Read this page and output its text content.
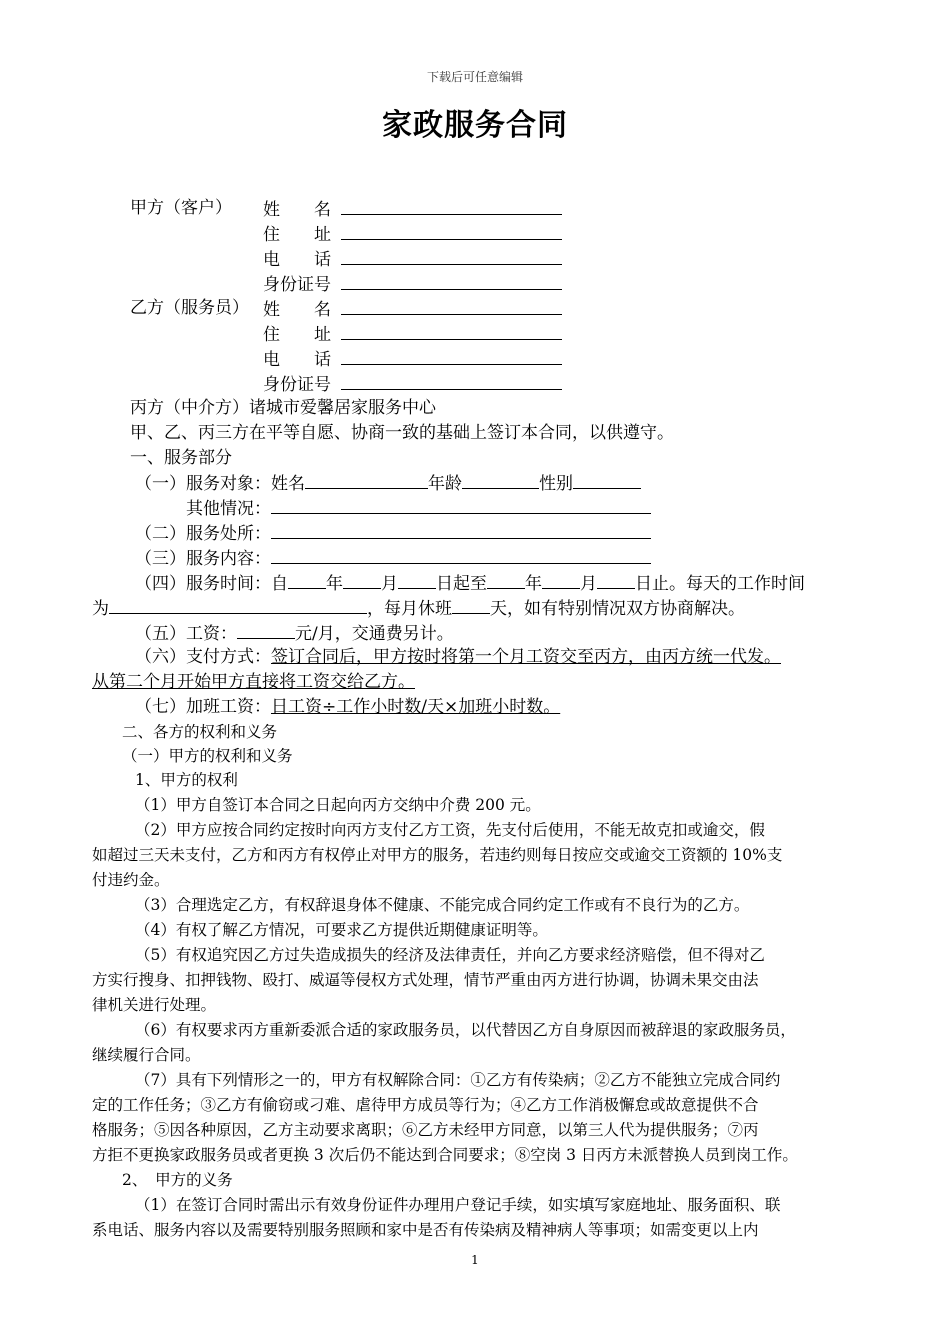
下载后可任意编辑
家政服务合同
甲方（客户） 姓　　名
住　　址
电　　话
身份证号
乙方（服务员） 姓　　名
住　　址
电　　话
身份证号
丙方（中介方）诸城市爱馨居家服务中心
甲、乙、丙三方在平等自愿、协商一致的基础上签订本合同，以供遵守。
一、服务部分
（一）服务对象：姓名	年龄	性别
其他情况：
（二）服务处所：
（三）服务内容：
（四）服务时间：自 年 月 日起至 年 月 日止。每天的工作时间
为	，每月休班 天，如有特别情况双方协商解决。
（五）工资：	元/月，交通费另计。
（六）支付方式：签订合同后，甲方按时将第一个月工资交至丙方，由丙方统一代发。
从第二个月开始甲方直接将工资交给乙方。
（七）加班工资：日工资÷工作小时数/天×加班小时数。
二、各方的权利和义务
（一）甲方的权利和义务
1、甲方的权利
（1）甲方自签订本合同之日起向丙方交纳中介费 200 元。
（2）甲方应按合同约定按时向丙方支付乙方工资，先支付后使用，不能无故克扣或逾交，假
如超过三天未支付，乙方和丙方有权停止对甲方的服务，若违约则每日按应交或逾交工资额的 10%支
付违约金。
（3）合理选定乙方，有权辞退身体不健康、不能完成合同约定工作或有不良行为的乙方。
（4）有权了解乙方情况，可要求乙方提供近期健康证明等。
（5）有权追究因乙方过失造成损失的经济及法律责任，并向乙方要求经济赔偿，但不得对乙
方实行搜身、扣押钱物、殴打、威逼等侵权方式处理，情节严重由丙方进行协调，协调未果交由法
律机关进行处理。
（6）有权要求丙方重新委派合适的家政服务员，以代替因乙方自身原因而被辞退的家政服务员，
继续履行合同。
（7）具有下列情形之一的，甲方有权解除合同：①乙方有传染病；②乙方不能独立完成合同约
定的工作任务；③乙方有偷窃或刁难、虐待甲方成员等行为；④乙方工作消极懈怠或故意提供不合
格服务；⑤因各种原因，乙方主动要求离职；⑥乙方未经甲方同意，以第三人代为提供服务；⑦丙
方拒不更换家政服务员或者更换 3 次后仍不能达到合同要求；⑧空岗 3 日丙方未派替换人员到岗工作。
2、　甲方的义务
（1）在签订合同时需出示有效身份证件办理用户登记手续，如实填写家庭地址、服务面积、联
系电话、服务内容以及需要特别服务照顾和家中是否有传染病及精神病人等事项；如需变更以上内
1
